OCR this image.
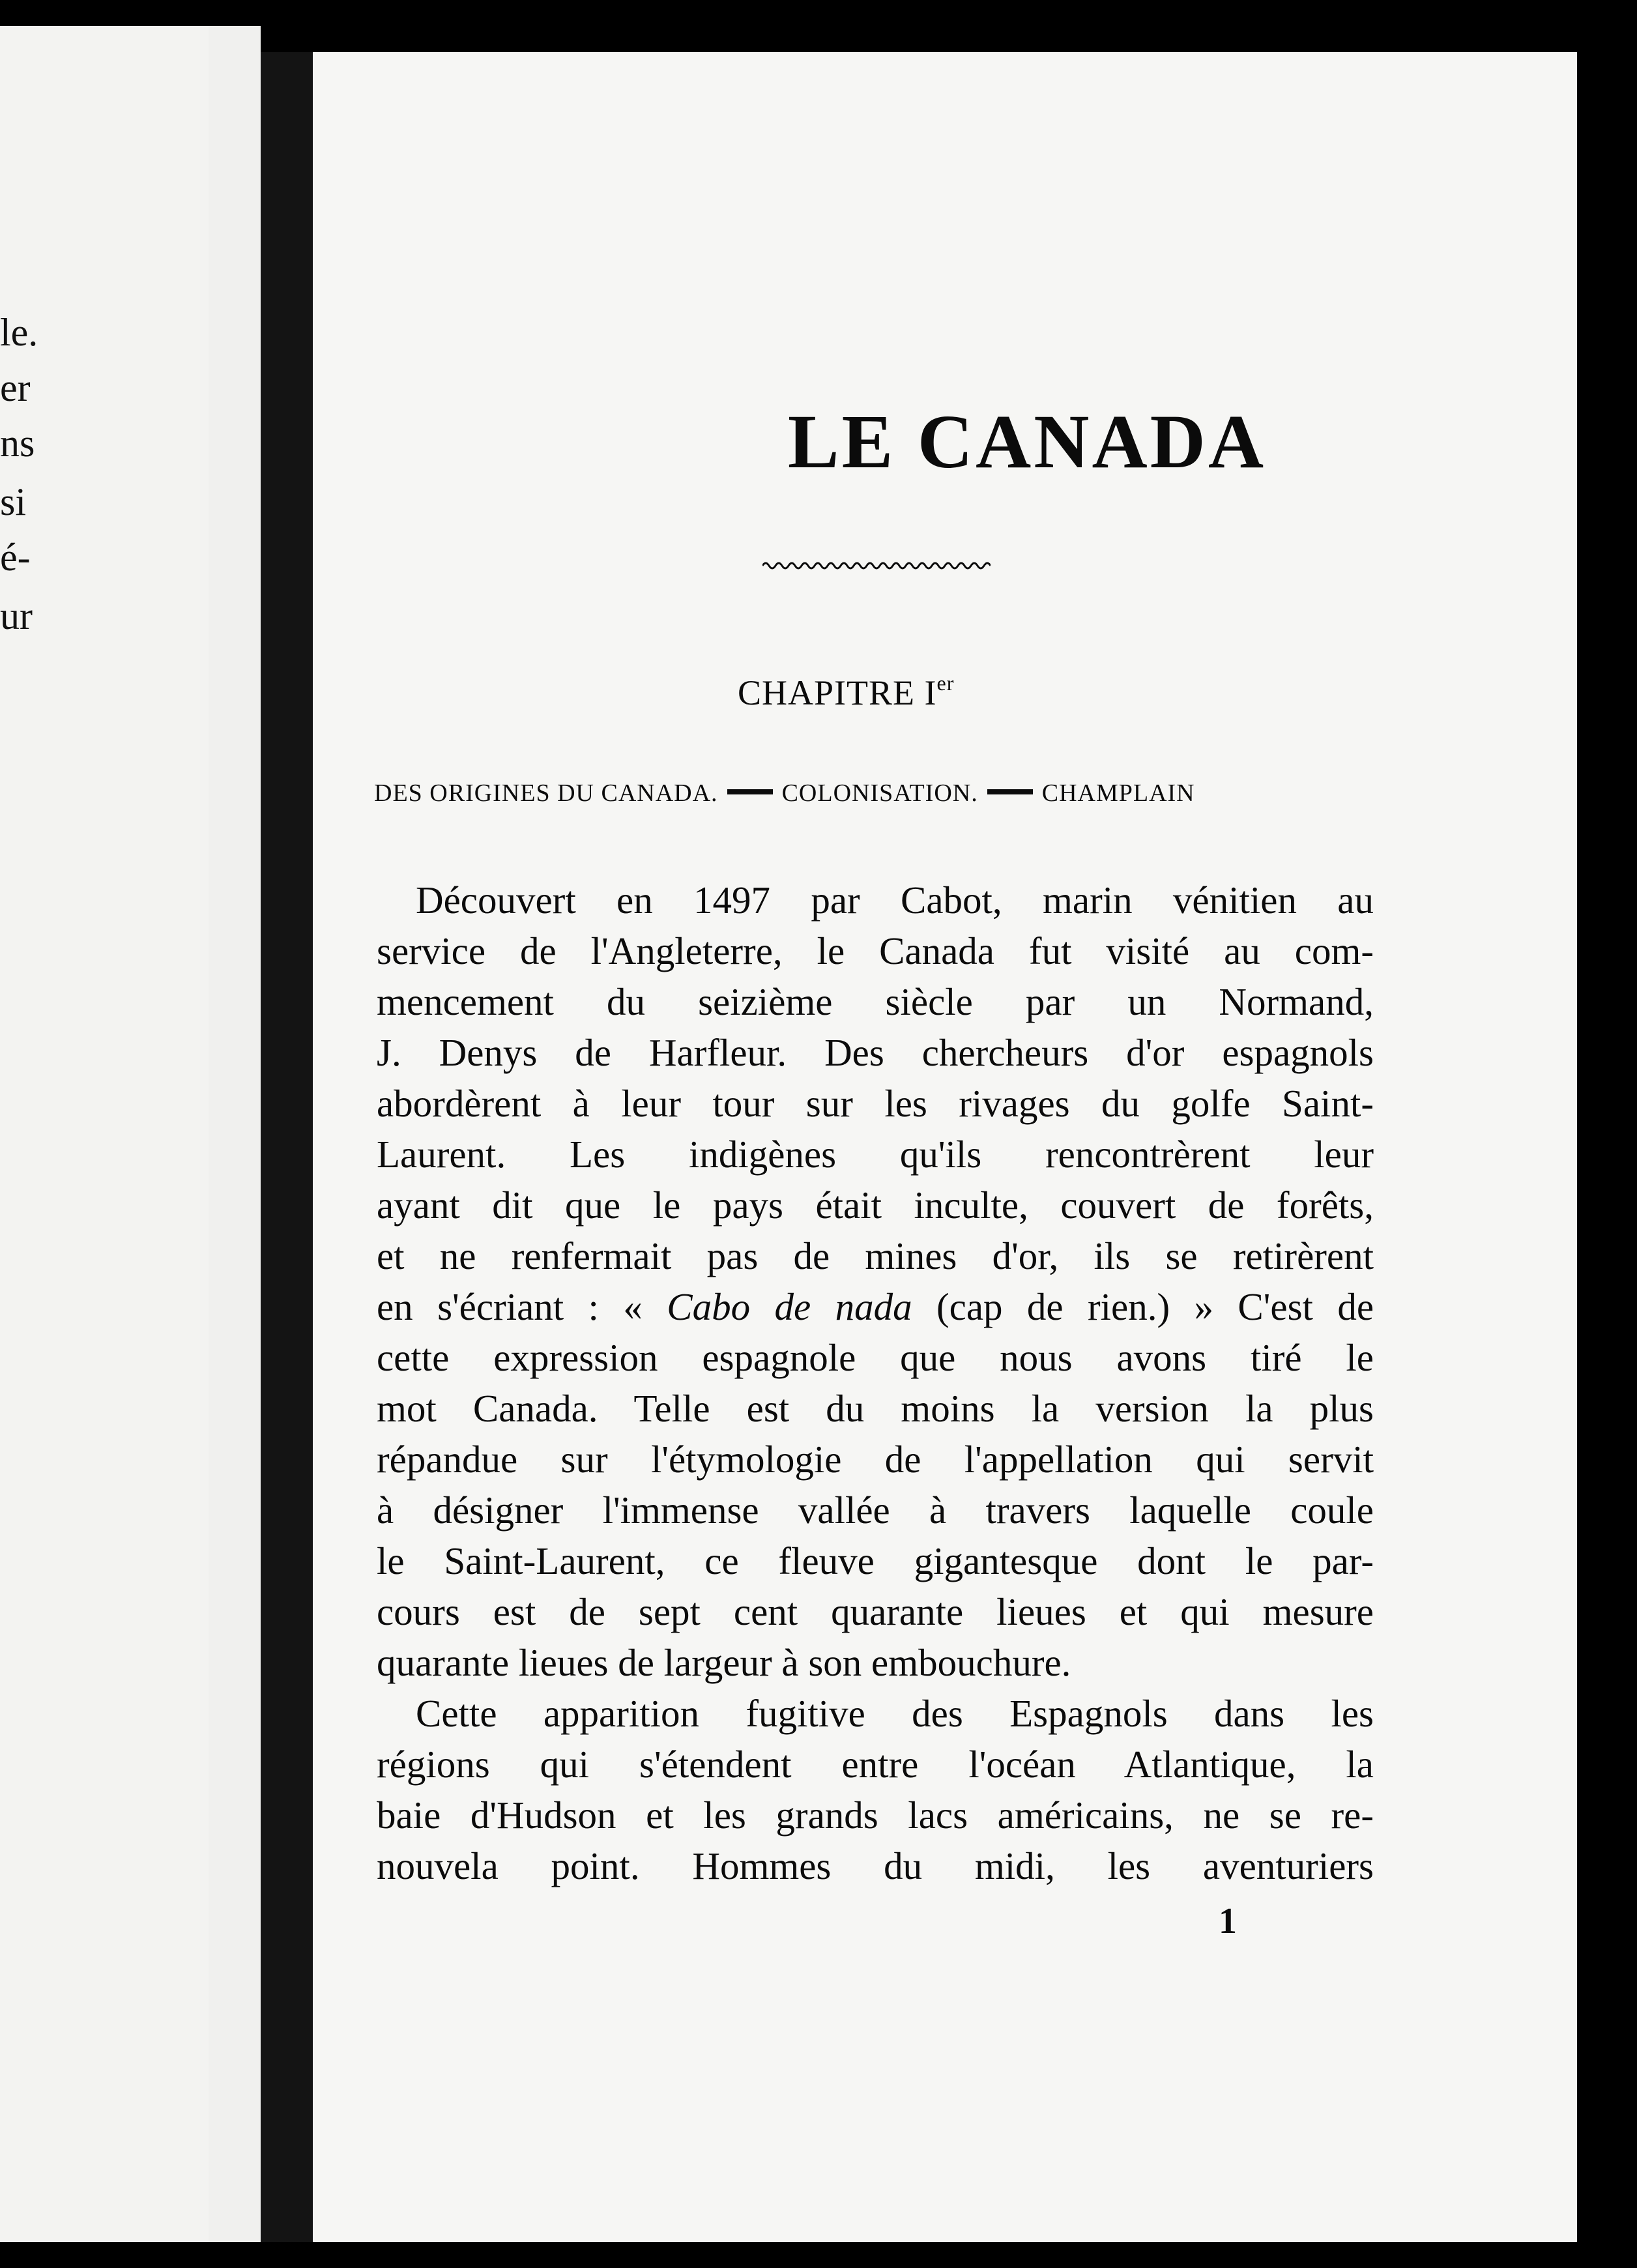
le.
er
ns
si
é-
ur
LE CANADA
CHAPITRE Ier
DES ORIGINES DU CANADA.	COLONISATION.	CHAMPLAIN
Découvert en 1497 par Cabot, marin vénitien au
service de l'Angleterre, le Canada fut visité au com-
mencement du seizième siècle par un Normand,
J. Denys de Harfleur. Des chercheurs d'or espagnols
abordèrent à leur tour sur les rivages du golfe Saint-
Laurent. Les indigènes qu'ils rencontrèrent leur
ayant dit que le pays était inculte, couvert de forêts,
et ne renfermait pas de mines d'or, ils se retirèrent
en s'écriant : « Cabo de nada (cap de rien.) » C'est de
cette expression espagnole que nous avons tiré le
mot Canada. Telle est du moins la version la plus
répandue sur l'étymologie de l'appellation qui servit
à désigner l'immense vallée à travers laquelle coule
le Saint-Laurent, ce fleuve gigantesque dont le par-
cours est de sept cent quarante lieues et qui mesure
quarante lieues de largeur à son embouchure.
Cette apparition fugitive des Espagnols dans les
régions qui s'étendent entre l'océan Atlantique, la
baie d'Hudson et les grands lacs américains, ne se re-
nouvela point. Hommes du midi, les aventuriers
1
